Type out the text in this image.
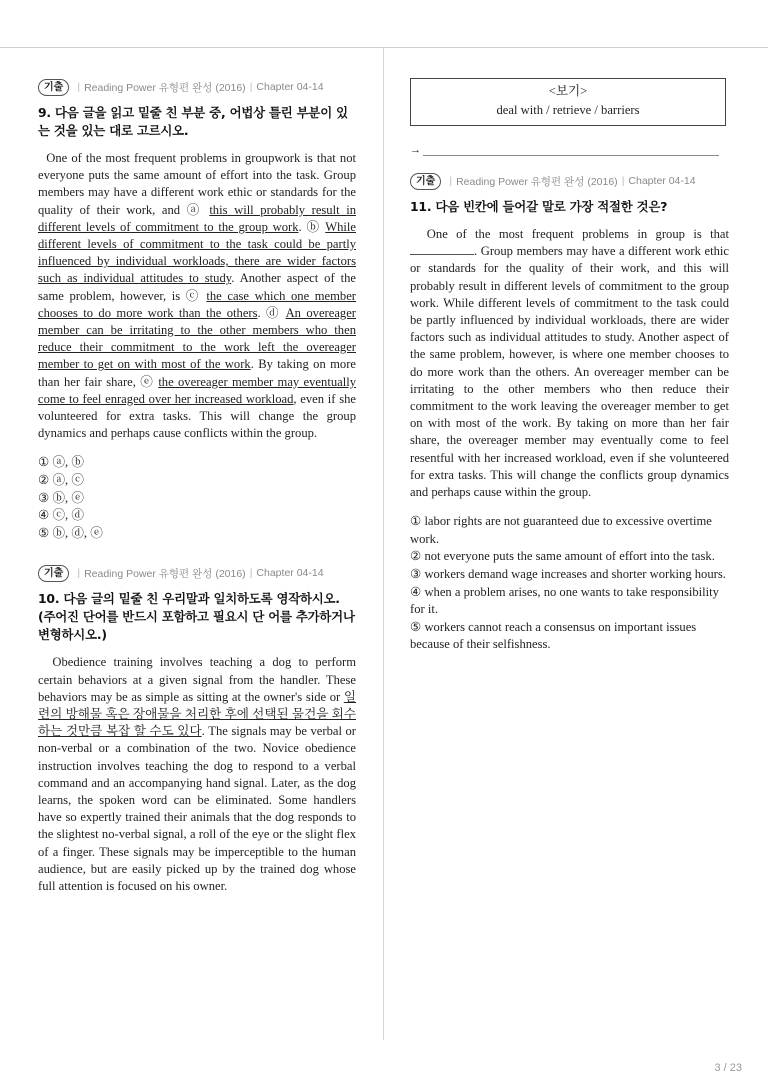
기출	| Reading Power 유형편 완성 (2016) | Chapter 04-14
9. 다음 글을 읽고 밑줄 친 부분 중, 어법상 틀린 부분이 있는 것을 있는 대로 고르시오.

One of the most frequent problems in groupwork is that not everyone puts the same amount of effort into the task. Group members may have a different work ethic or standards for the quality of their work, and ⓐ this will probably result in different levels of commitment to the group work. ⓑ While different levels of commitment to the task could be partly influenced by individual workloads, there are wider factors such as individual attitudes to study. Another aspect of the same problem, however, is ⓒ the case which one member chooses to do more work than the others. ⓓ An overeager member can be irritating to the other members who then reduce their commitment to the work left the overeager member to get on with most of the work. By taking on more than her fair share, ⓔ the overeager member may eventually come to feel enraged over her increased workload, even if she volunteered for extra tasks. This will change the group dynamics and perhaps cause conflicts within the group.

① ⓐ, ⓑ
② ⓐ, ⓒ
③ ⓑ, ⓔ
④ ⓒ, ⓓ
⑤ ⓑ, ⓓ, ⓔ
기출	| Reading Power 유형편 완성 (2016) | Chapter 04-14
10. 다음 글의 밑줄 친 우리말과 일치하도록 영작하시오. (주어진 단어를 반드시 포함하고 필요시 단 어를 추가하거나 변형하시오.)

Obedience training involves teaching a dog to perform certain behaviors at a given signal from the handler. These behaviors may be as simple as sitting at the owner's side or 일련의 방해물 혹은 장애물을 처리한 후에 선택된 물건을 회수하는 것만큼 복잡 할 수도 있다. The signals may be verbal or non-verbal or a combination of the two. Novice obedience instruction involves teaching the dog to respond to a verbal command and an accompanying hand signal. Later, as the dog learns, the spoken word can be eliminated. Some handlers have so expertly trained their animals that the dog responds to the slightest no-verbal signal, a roll of the eye or the slight flex of a finger. These signals may be imperceptible to the human audience, but are easily picked up by the trained dog whose full attention is focused on his owner.

<보기>
deal with / retrieve / barriers
→
기출	| Reading Power 유형편 완성 (2016) | Chapter 04-14
11. 다음 빈칸에 들어갈 말로 가장 적절한 것은?

One of the most frequent problems in group is that . Group members may have a different work ethic or standards for the quality of their work, and this will probably result in different levels of commitment to the group work. While different levels of commitment to the task could be partly influenced by individual workloads, there are wider factors such as individual attitudes to study. Another aspect of the same problem, however, is where one member chooses to do more work than the others. An overeager member can be irritating to the other members who then reduce their commitment to the work leaving the overeager member to get on with most of the work. By taking on more than her fair share, the overeager member may eventually come to feel resentful with her increased workload, even if she volunteered for extra tasks. This will change the conflicts group dynamics and perhaps cause within the group.

① labor rights are not guaranteed due to excessive overtime work.
② not everyone puts the same amount of effort into the task.
③ workers demand wage increases and shorter working hours.
④ when a problem arises, no one wants to take responsibility for it.
⑤ workers cannot reach a consensus on important issues because of their selfishness.
3 / 23
